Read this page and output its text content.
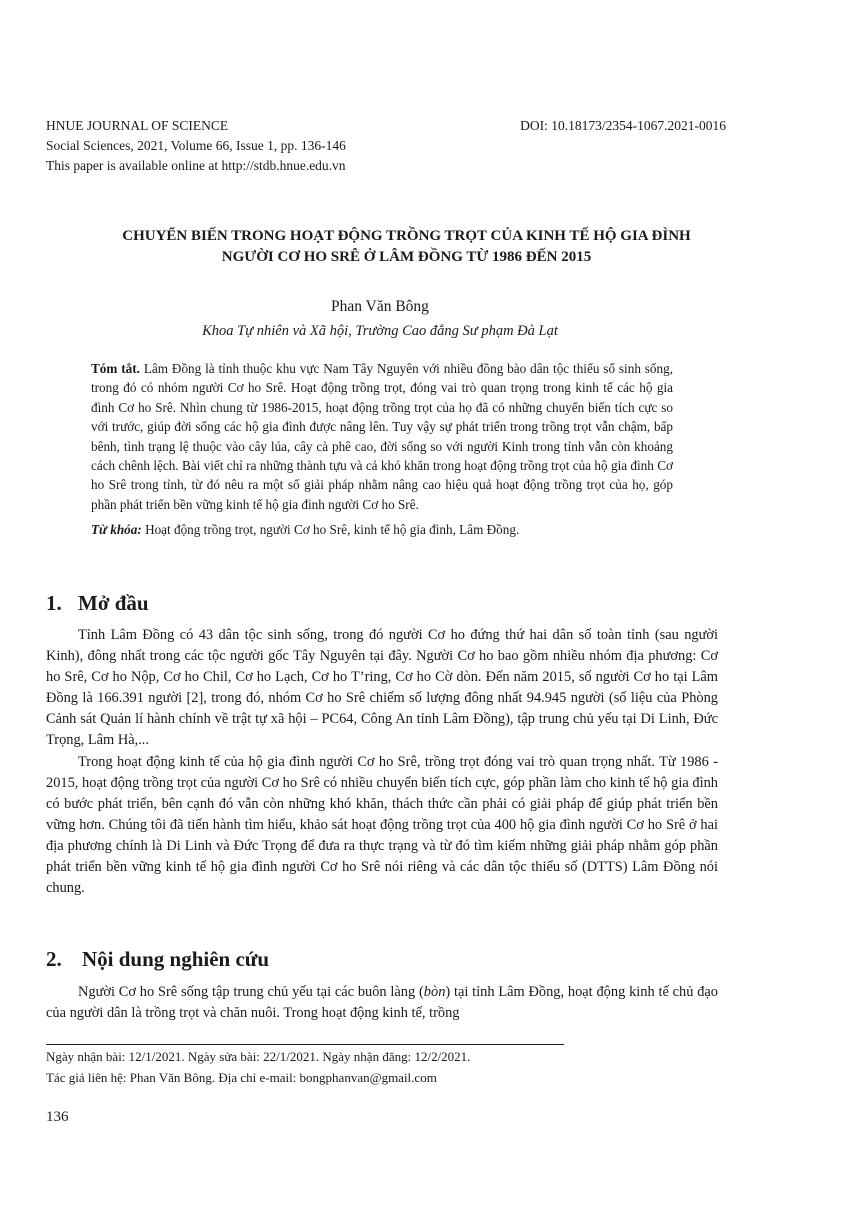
HNUE JOURNAL OF SCIENCE	DOI: 10.18173/2354-1067.2021-0016
Social Sciences, 2021, Volume 66, Issue 1, pp. 136-146
This paper is available online at http://stdb.hnue.edu.vn
CHUYỂN BIẾN TRONG HOẠT ĐỘNG TRỒNG TRỌT CỦA KINH TẾ HỘ GIA ĐÌNH
NGƯỜI CƠ HO SRÊ Ở LÂM ĐỒNG TỪ 1986 ĐẾN 2015
Phan Văn Bông
Khoa Tự nhiên và Xã hội, Trường Cao đẳng Sư phạm Đà Lạt

Tóm tắt. Lâm Đồng là tỉnh thuộc khu vực Nam Tây Nguyên với nhiều đồng bào dân tộc thiểu số sinh sống, trong đó có nhóm người Cơ ho Srê. Hoạt động trồng trọt, đóng vai trò quan trọng trong kinh tế các hộ gia đình Cơ ho Srê. Nhìn chung từ 1986-2015, hoạt động trồng trọt của họ đã có những chuyển biến tích cực so với trước, giúp đời sống các hộ gia đình được nâng lên. Tuy vậy sự phát triển trong trồng trọt vẫn chậm, bấp bênh, tình trạng lệ thuộc vào cây lúa, cây cà phê cao, đời sống so với người Kinh trong tỉnh vẫn còn khoảng cách chênh lệch. Bài viết chỉ ra những thành tựu và cả khó khăn trong hoạt động trồng trọt của hộ gia đình Cơ ho Srê trong tỉnh, từ đó nêu ra một số giải pháp nhằm nâng cao hiệu quả hoạt động trồng trọt của họ, góp phần phát triển bền vững kinh tế hộ gia đình người Cơ ho Srê.

Từ khóa: Hoạt động trồng trọt, người Cơ ho Srê, kinh tế hộ gia đình, Lâm Đồng.

1. Mở đầu

Tỉnh Lâm Đồng có 43 dân tộc sinh sống, trong đó người Cơ ho đứng thứ hai dân số toàn tỉnh (sau người Kinh), đông nhất trong các tộc người gốc Tây Nguyên tại đây. Người Cơ ho bao gồm nhiều nhóm địa phương: Cơ ho Srê, Cơ ho Nộp, Cơ ho Chil, Cơ ho Lạch, Cơ ho T’ring, Cơ ho Cờ dòn. Đến năm 2015, số người Cơ ho tại Lâm Đồng là 166.391 người [2], trong đó, nhóm Cơ ho Srê chiếm số lượng đông nhất 94.945 người (số liệu của Phòng Cảnh sát Quản lí hành chính về trật tự xã hội – PC64, Công An tỉnh Lâm Đồng), tập trung chủ yếu tại Di Linh, Đức Trọng, Lâm Hà,...

Trong hoạt động kinh tế của hộ gia đình người Cơ ho Srê, trồng trọt đóng vai trò quan trọng nhất. Từ 1986 - 2015, hoạt động trồng trọt của người Cơ ho Srê có nhiều chuyển biến tích cực, góp phần làm cho kinh tế hộ gia đình có bước phát triển, bên cạnh đó vẫn còn những khó khăn, thách thức cần phải có giải pháp để giúp phát triển bền vững hơn. Chúng tôi đã tiến hành tìm hiểu, khảo sát hoạt động trồng trọt của 400 hộ gia đình người Cơ ho Srê ở hai địa phương chính là Di Linh và Đức Trọng để đưa ra thực trạng và từ đó tìm kiếm những giải pháp nhằm góp phần phát triển bền vững kinh tế hộ gia đình người Cơ ho Srê nói riêng và các dân tộc thiểu số (DTTS) Lâm Đồng nói chung.

2. Nội dung nghiên cứu

Người Cơ ho Srê sống tập trung chủ yếu tại các buôn làng (bòn) tại tỉnh Lâm Đồng, hoạt động kinh tế chủ đạo của người dân là trồng trọt và chăn nuôi. Trong hoạt động kinh tế, trồng

Ngày nhận bài: 12/1/2021. Ngày sửa bài: 22/1/2021. Ngày nhận đăng: 12/2/2021.
Tác giả liên hệ: Phan Văn Bông. Địa chỉ e-mail: bongphanvan@gmail.com
136
